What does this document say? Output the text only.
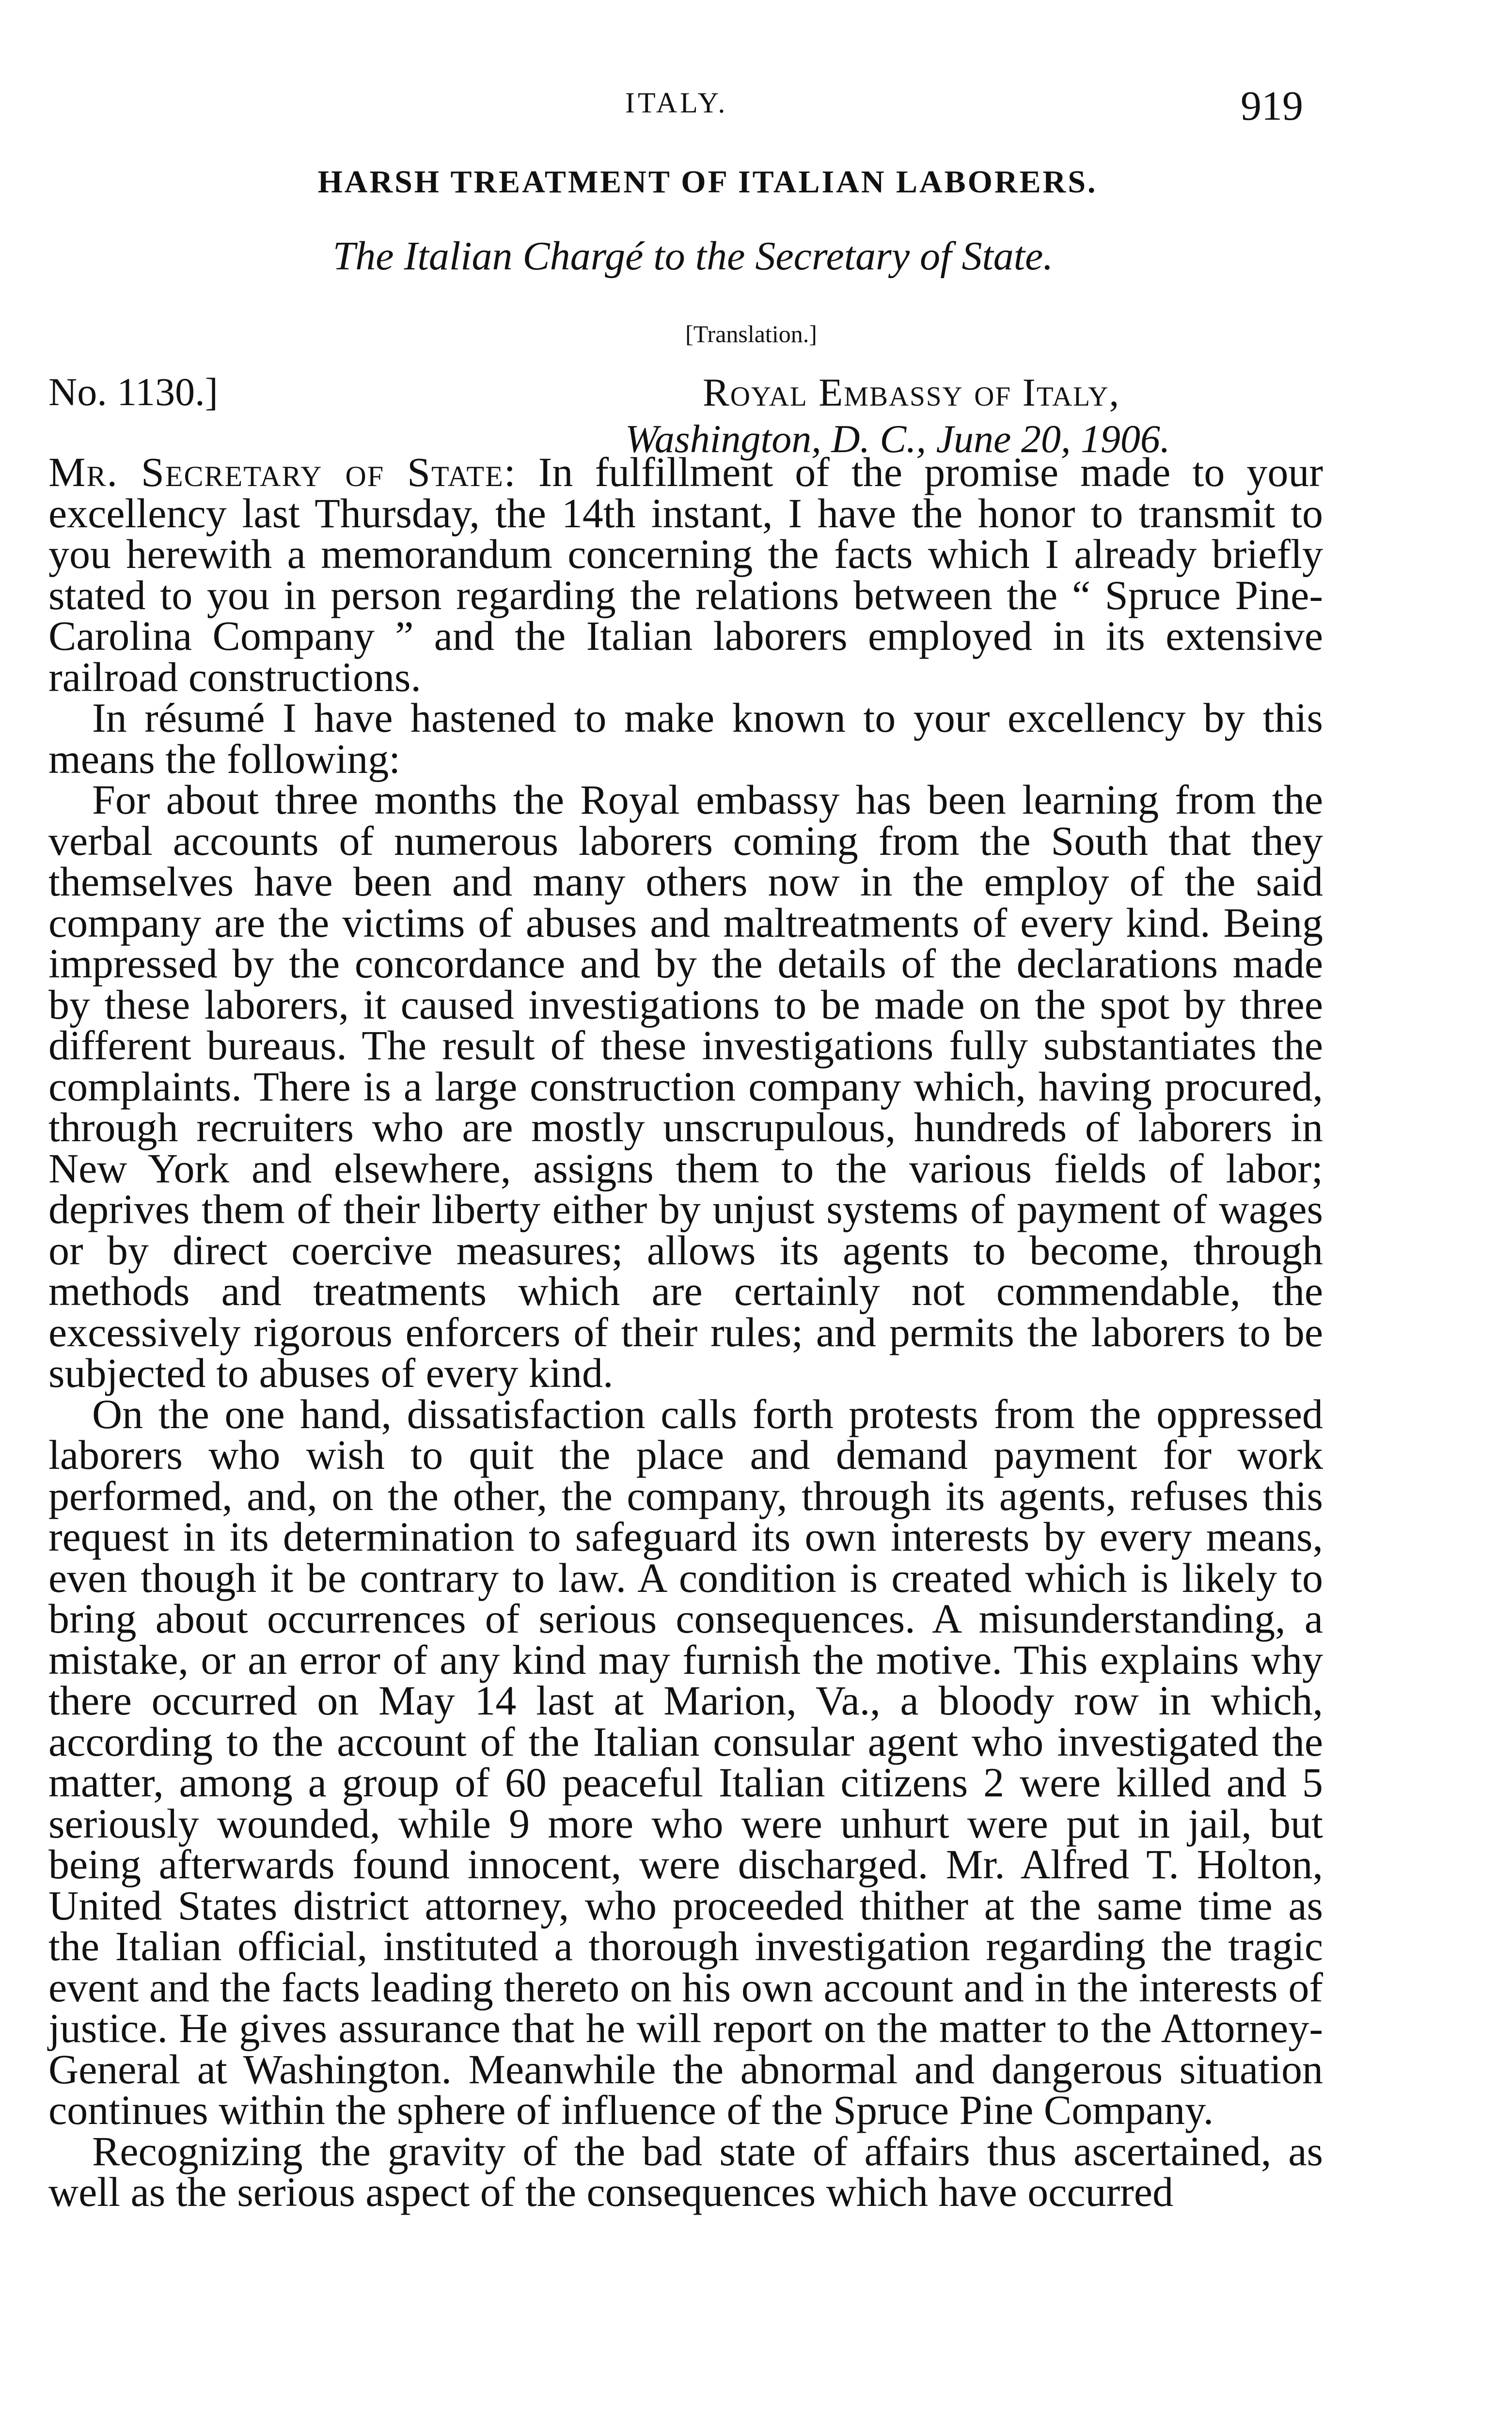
ITALY.	919
HARSH TREATMENT OF ITALIAN LABORERS.
The Italian Chargé to the Secretary of State.
[Translation.]
No. 1130.]	Royal Embassy of Italy,
Washington, D. C., June 20, 1906.

Mr. Secretary of State: In fulfillment of the promise made to your excellency last Thursday, the 14th instant, I have the honor to transmit to you herewith a memorandum concerning the facts which I already briefly stated to you in person regarding the relations between the “ Spruce Pine-Carolina Company ” and the Italian laborers employed in its extensive railroad constructions.

In résumé I have hastened to make known to your excellency by this means the following:

For about three months the Royal embassy has been learning from the verbal accounts of numerous laborers coming from the South that they themselves have been and many others now in the employ of the said company are the victims of abuses and maltreatments of every kind. Being impressed by the concordance and by the details of the declarations made by these laborers, it caused investigations to be made on the spot by three different bureaus. The result of these investigations fully substantiates the complaints. There is a large construction company which, having procured, through recruiters who are mostly unscrupulous, hundreds of laborers in New York and elsewhere, assigns them to the various fields of labor; deprives them of their liberty either by unjust systems of payment of wages or by direct coercive measures; allows its agents to become, through methods and treatments which are certainly not commendable, the excessively rigorous enforcers of their rules; and permits the laborers to be subjected to abuses of every kind.

On the one hand, dissatisfaction calls forth protests from the oppressed laborers who wish to quit the place and demand payment for work performed, and, on the other, the company, through its agents, refuses this request in its determination to safeguard its own interests by every means, even though it be contrary to law. A condition is created which is likely to bring about occurrences of serious consequences. A misunderstanding, a mistake, or an error of any kind may furnish the motive. This explains why there occurred on May 14 last at Marion, Va., a bloody row in which, according to the account of the Italian consular agent who investigated the matter, among a group of 60 peaceful Italian citizens 2 were killed and 5 seriously wounded, while 9 more who were unhurt were put in jail, but being afterwards found innocent, were discharged. Mr. Alfred T. Holton, United States district attorney, who proceeded thither at the same time as the Italian official, instituted a thorough investigation regarding the tragic event and the facts leading thereto on his own account and in the interests of justice. He gives assurance that he will report on the matter to the Attorney-General at Washington. Meanwhile the abnormal and dangerous situation continues within the sphere of influence of the Spruce Pine Company.

Recognizing the gravity of the bad state of affairs thus ascertained, as well as the serious aspect of the consequences which have occurred
